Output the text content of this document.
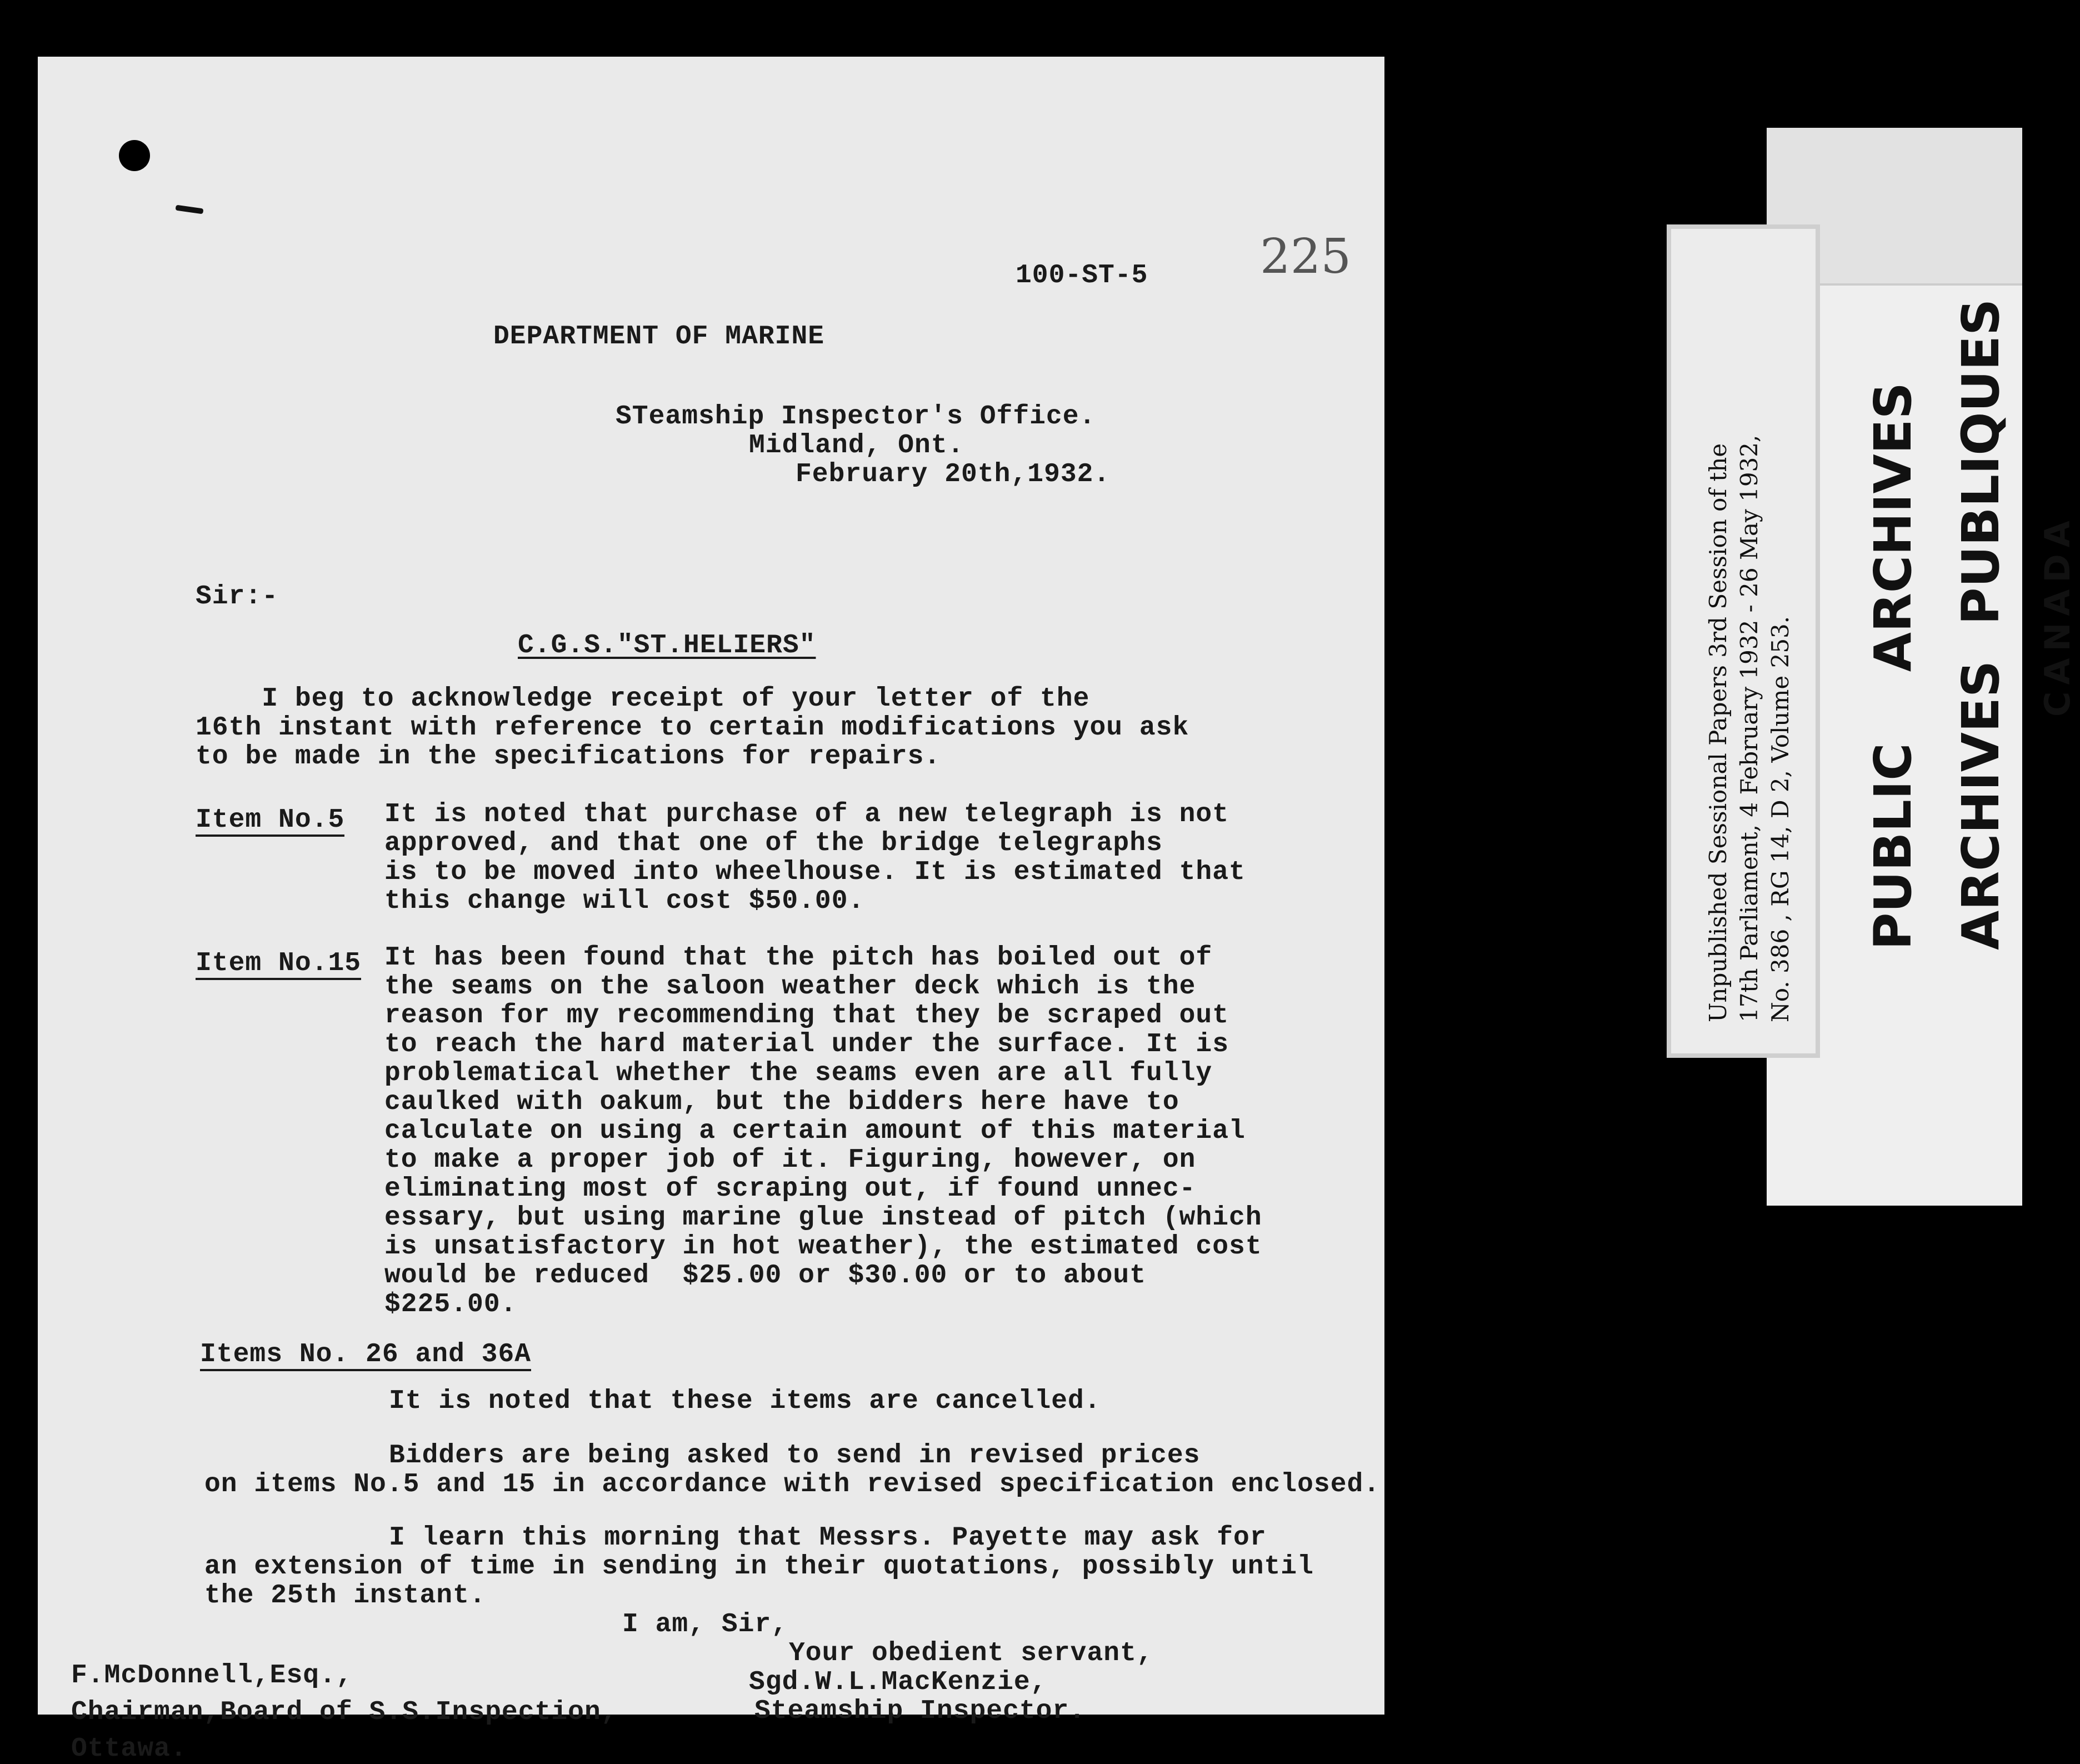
225
100-ST-5
DEPARTMENT OF MARINE
STeamship Inspector's Office.
Midland, Ont.
February 20th,1932.
Sir:-
C.G.S."ST.HELIERS"
I beg to acknowledge receipt of your letter of the
16th instant with reference to certain modifications you ask
to be made in the specifications for repairs.
Item No.5 It is noted that purchase of a new telegraph is not
approved, and that one of the bridge telegraphs
is to be moved into wheelhouse. It is estimated that
this change will cost $50.00.
Item No.15 It has been found that the pitch has boiled out of
the seams on the saloon weather deck which is the
reason for my recommending that they be scraped out
to reach the hard material under the surface. It is
problematical whether the seams even are all fully
caulked with oakum, but the bidders here have to
calculate on using a certain amount of this material
to make a proper job of it. Figuring, however, on
eliminating most of scraping out, if found unnec-
essary, but using marine glue instead of pitch (which
is unsatisfactory in hot weather), the estimated cost
would be reduced  $25.00 or $30.00 or to about
$225.00.
Items No. 26 and 36A
It is noted that these items are cancelled.
Bidders are being asked to send in revised prices
on items No.5 and 15 in accordance with revised specification enclosed.
I learn this morning that Messrs. Payette may ask for
an extension of time in sending in their quotations, possibly until
the 25th instant.
I am, Sir,
Your obedient servant,
Sgd.W.L.MacKenzie,
Steamship Inspector.
F.McDonnell,Esq.,
Chairman,Board of S.S.Inspection,
Ottawa.
Unpublished Sessional Papers 3rd Session of the 17th Parliament, 4 February 1932 - 26 May 1932, No. 386 , RG 14, D 2, Volume 253.

PUBLIC    ARCHIVES

ARCHIVES  PUBLIQUES

CANADA
